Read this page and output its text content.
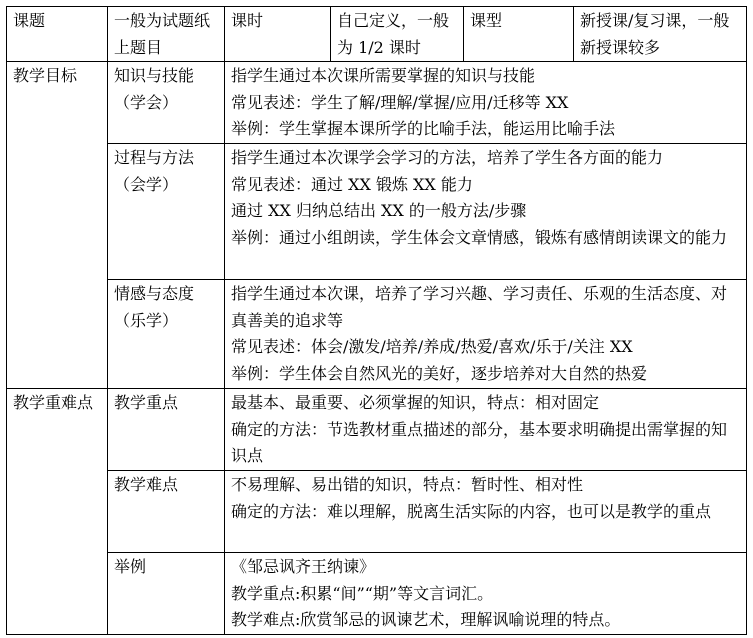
课题	一般为试题纸上题目	课时	自己定义，一般为 1/2 课时	课型	新授课/复习课，一般新授课较多
教学目标	知识与技能（学会）	指学生通过本次课所需要掌握的知识与技能
常见表述：学生了解/理解/掌握/应用/迁移等 XX
举例：学生掌握本课所学的比喻手法，能运用比喻手法			

	过程与方法（会学）	指学生通过本次课学会学习的方法，培养了学生各方面的能力
常见表述：通过 XX 锻炼 XX 能力
通过 XX 归纳总结出 XX 的一般方法/步骤
举例：通过小组朗读，学生体会文章情感，锻炼有感情朗读课文的能力			

	情感与态度（乐学）	指学生通过本次课，培养了学习兴趣、学习责任、乐观的生活态度、对真善美的追求等
常见表述：体会/激发/培养/养成/热爱/喜欢/乐于/关注 XX
举例：学生体会自然风光的美好，逐步培养对大自然的热爱			

教学重难点	教学重点	最基本、最重要、必须掌握的知识，特点：相对固定
确定的方法：节选教材重点描述的部分，基本要求明确提出需掌握的知识点			

	教学难点	不易理解、易出错的知识，特点：暂时性、相对性
确定的方法：难以理解，脱离生活实际的内容，也可以是教学的重点			

	举例	《邹忌讽齐王纳谏》
教学重点:积累“间”“期”等文言词汇。
教学难点:欣赏邹忌的讽谏艺术，理解讽喻说理的特点。			
